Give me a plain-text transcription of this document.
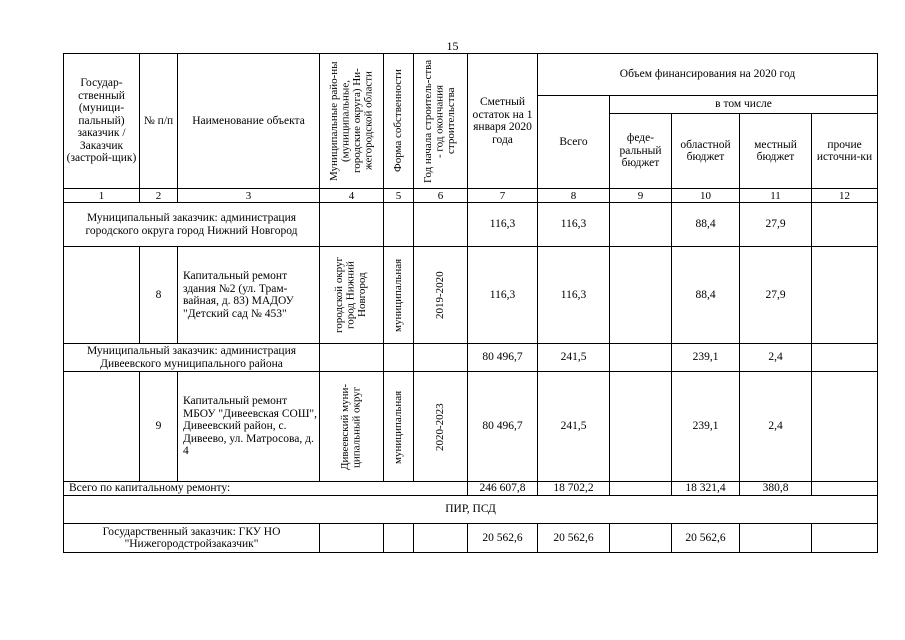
15
Государ-ственный (муници-пальный) заказчик / Заказчик (застрой-щик)	№ п/п	Наименование объекта	Муниципальные райо-ны (муниципальные, городские округа) Ни-жегородской области	Форма собственности	Год начала строитель-ства - год окончания строительства	Сметный остаток на 1 января 2020 года	Объем финансирования на 2020 год				
							Всего	в том числе			
								феде-ральный бюджет	областной бюджет	местный бюджет	прочие источни-ки
1	2	3	4	5	6	7	8	9	10	11	12
Муниципальный заказчик: администрация городского округа город Нижний Новгород						116,3	116,3		88,4	27,9	
	8	Капитальный ремонт здания №2 (ул. Трам-вайная, д. 83) МАДОУ "Детский сад № 453"	городской округ город Нижний Новгород	муниципальная	2019-2020	116,3	116,3		88,4	27,9	
Муниципальный заказчик: администрация Дивеевского муниципального района						80 496,7	241,5		239,1	2,4	
	9	Капитальный ремонт МБОУ "Дивеевская СОШ", Дивеевский район, с. Дивеево, ул. Матросова, д. 4	Дивеевский муни-ципальный округ	муниципальная	2020-2023	80 496,7	241,5		239,1	2,4	
Всего по капитальному ремонту:						246 607,8	18 702,2		18 321,4	380,8	
ПИР, ПСД											
Государственный заказчик: ГКУ НО "Нижегородстройзаказчик"						20 562,6	20 562,6		20 562,6		
